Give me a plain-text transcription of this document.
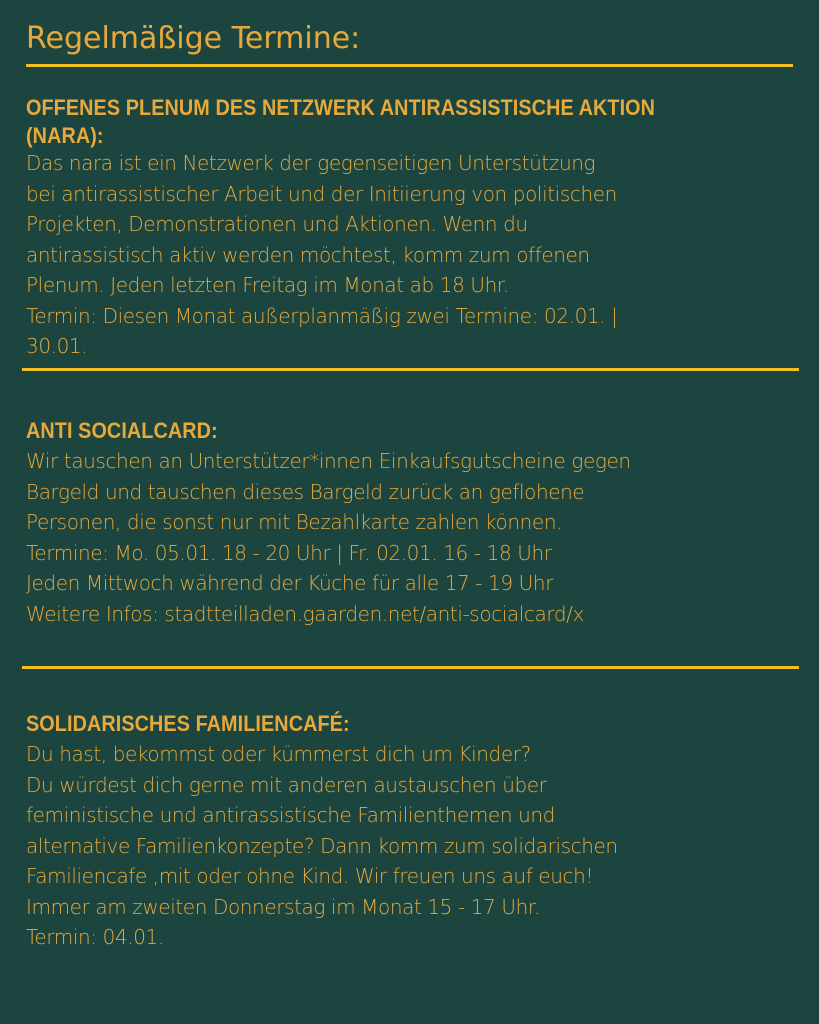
Regelmäßige Termine:
OFFENES PLENUM DES NETZWERK ANTIRASSISTISCHE AKTION
(NARA):
Das nara ist ein Netzwerk der gegenseitigen Unterstützung
bei antirassistischer Arbeit und der Initiierung von politischen
Projekten, Demonstrationen und Aktionen. Wenn du
antirassistisch aktiv werden möchtest, komm zum offenen
Plenum. Jeden letzten Freitag im Monat ab 18 Uhr.
Termin: Diesen Monat außerplanmäßig zwei Termine: 02.01. |
30.01.
ANTI SOCIALCARD:
Wir tauschen an Unterstützer*innen Einkaufsgutscheine gegen
Bargeld und tauschen dieses Bargeld zurück an geflohene
Personen, die sonst nur mit Bezahlkarte zahlen können.
Termine: Mo. 05.01. 18 - 20 Uhr | Fr. 02.01. 16 - 18 Uhr
Jeden Mittwoch während der Küche für alle 17 - 19 Uhr
Weitere Infos: stadtteilladen.gaarden.net/anti-socialcard/x
SOLIDARISCHES FAMILIENCAFÉ:
Du hast, bekommst oder kümmerst dich um Kinder?
Du würdest dich gerne mit anderen austauschen über
feministische und antirassistische Familienthemen und
alternative Familienkonzepte? Dann komm zum solidarischen
Familiencafe ,mit oder ohne Kind. Wir freuen uns auf euch!
Immer am zweiten Donnerstag im Monat 15 - 17 Uhr.
Termin: 04.01.
